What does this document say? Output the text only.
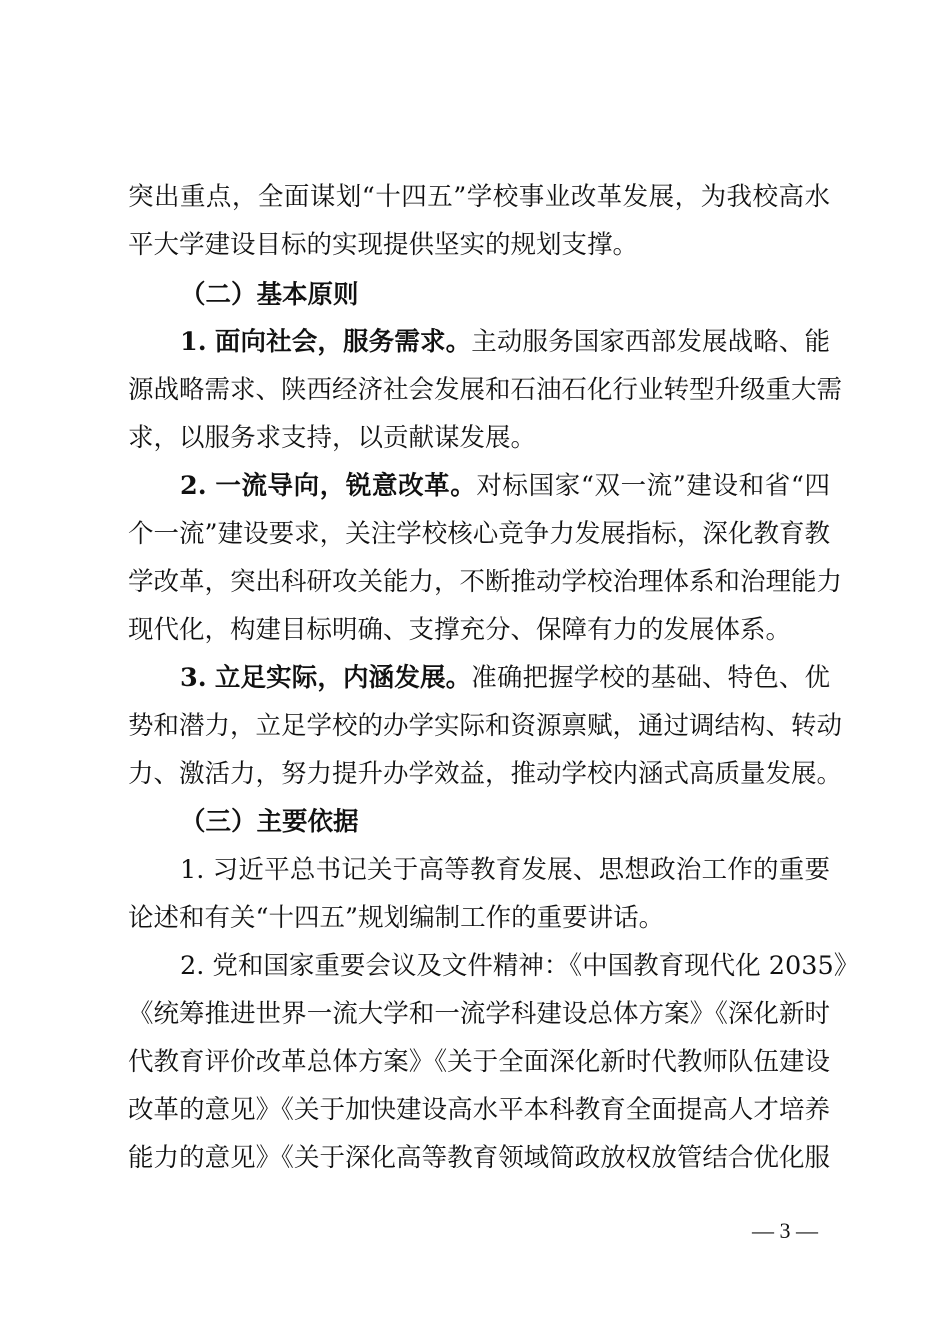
突出重点，全面谋划“十四五”学校事业改革发展，为我校高水
平大学建设目标的实现提供坚实的规划支撑。
（二）基本原则
1. 面向社会，服务需求。主动服务国家西部发展战略、能
源战略需求、陕西经济社会发展和石油石化行业转型升级重大需
求，以服务求支持，以贡献谋发展。
2. 一流导向，锐意改革。对标国家“双一流”建设和省“四
个一流”建设要求，关注学校核心竞争力发展指标，深化教育教
学改革，突出科研攻关能力，不断推动学校治理体系和治理能力
现代化，构建目标明确、支撑充分、保障有力的发展体系。
3. 立足实际，内涵发展。准确把握学校的基础、特色、优
势和潜力，立足学校的办学实际和资源禀赋，通过调结构、转动
力、激活力，努力提升办学效益，推动学校内涵式高质量发展。
（三）主要依据
1. 习近平总书记关于高等教育发展、思想政治工作的重要
论述和有关“十四五”规划编制工作的重要讲话。
2. 党和国家重要会议及文件精神：《中国教育现代化 2035》
《统筹推进世界一流大学和一流学科建设总体方案》《深化新时
代教育评价改革总体方案》《关于全面深化新时代教师队伍建设
改革的意见》《关于加快建设高水平本科教育全面提高人才培养
能力的意见》《关于深化高等教育领域简政放权放管结合优化服
— 3 —
